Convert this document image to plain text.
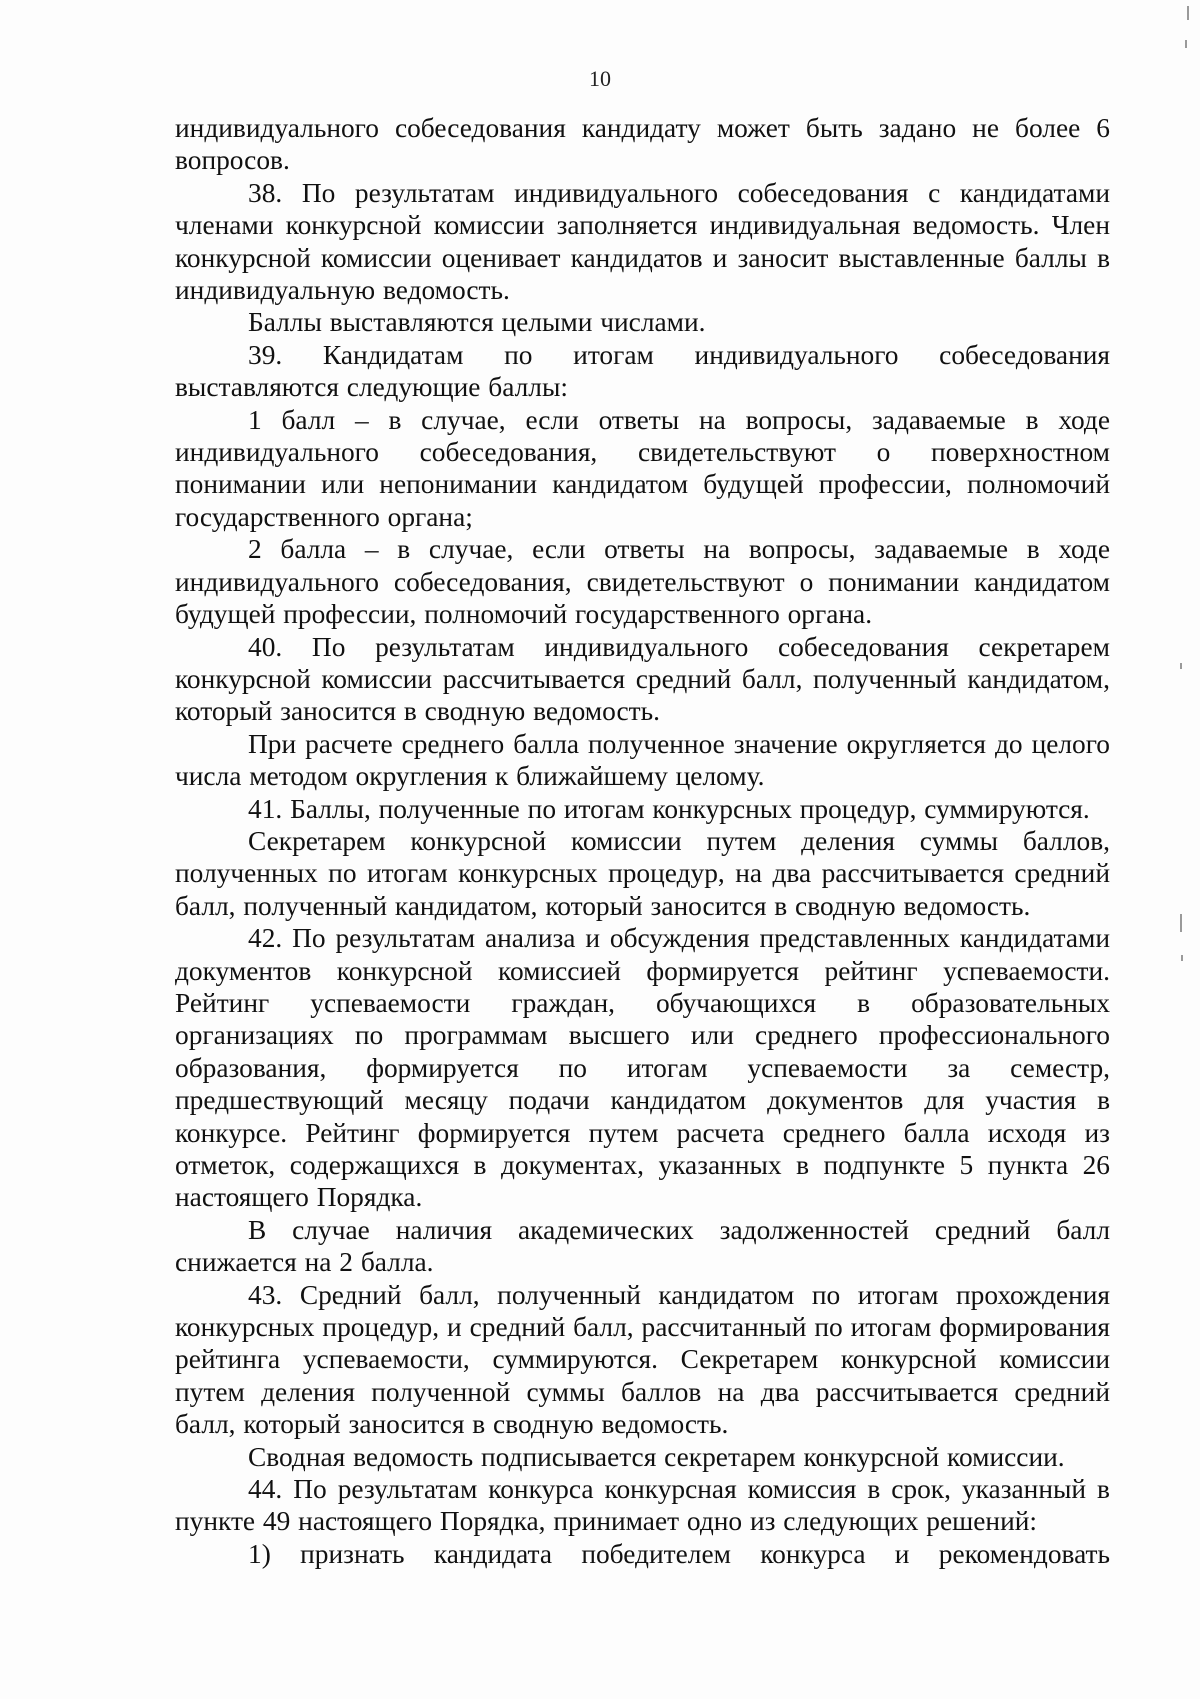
10

индивидуального собеседования кандидату может быть задано не более 6 вопросов.

38. По результатам индивидуального собеседования с кандидатами членами конкурсной комиссии заполняется индивидуальная ведомость. Член конкурсной комиссии оценивает кандидатов и заносит выставленные баллы в индивидуальную ведомость.

Баллы выставляются целыми числами.

39. Кандидатам по итогам индивидуального собеседования выставляются следующие баллы:

1 балл – в случае, если ответы на вопросы, задаваемые в ходе индивидуального собеседования, свидетельствуют о поверхностном понимании или непонимании кандидатом будущей профессии, полномочий государственного органа;

2 балла – в случае, если ответы на вопросы, задаваемые в ходе индивидуального собеседования, свидетельствуют о понимании кандидатом будущей профессии, полномочий государственного органа.

40. По результатам индивидуального собеседования секретарем конкурсной комиссии рассчитывается средний балл, полученный кандидатом, который заносится в сводную ведомость.

При расчете среднего балла полученное значение округляется до целого числа методом округления к ближайшему целому.

41. Баллы, полученные по итогам конкурсных процедур, суммируются.

Секретарем конкурсной комиссии путем деления суммы баллов, полученных по итогам конкурсных процедур, на два рассчитывается средний балл, полученный кандидатом, который заносится в сводную ведомость.

42. По результатам анализа и обсуждения представленных кандидатами документов конкурсной комиссией формируется рейтинг успеваемости. Рейтинг успеваемости граждан, обучающихся в образовательных организациях по программам высшего или среднего профессионального образования, формируется по итогам успеваемости за семестр, предшествующий месяцу подачи кандидатом документов для участия в конкурсе. Рейтинг формируется путем расчета среднего балла исходя из отметок, содержащихся в документах, указанных в подпункте 5 пункта 26 настоящего Порядка.

В случае наличия академических задолженностей средний балл снижается на 2 балла.

43. Средний балл, полученный кандидатом по итогам прохождения конкурсных процедур, и средний балл, рассчитанный по итогам формирования рейтинга успеваемости, суммируются. Секретарем конкурсной комиссии путем деления полученной суммы баллов на два рассчитывается средний балл, который заносится в сводную ведомость.

Сводная ведомость подписывается секретарем конкурсной комиссии.

44. По результатам конкурса конкурсная комиссия в срок, указанный в пункте 49 настоящего Порядка, принимает одно из следующих решений:

1) признать кандидата победителем конкурса и рекомендовать
